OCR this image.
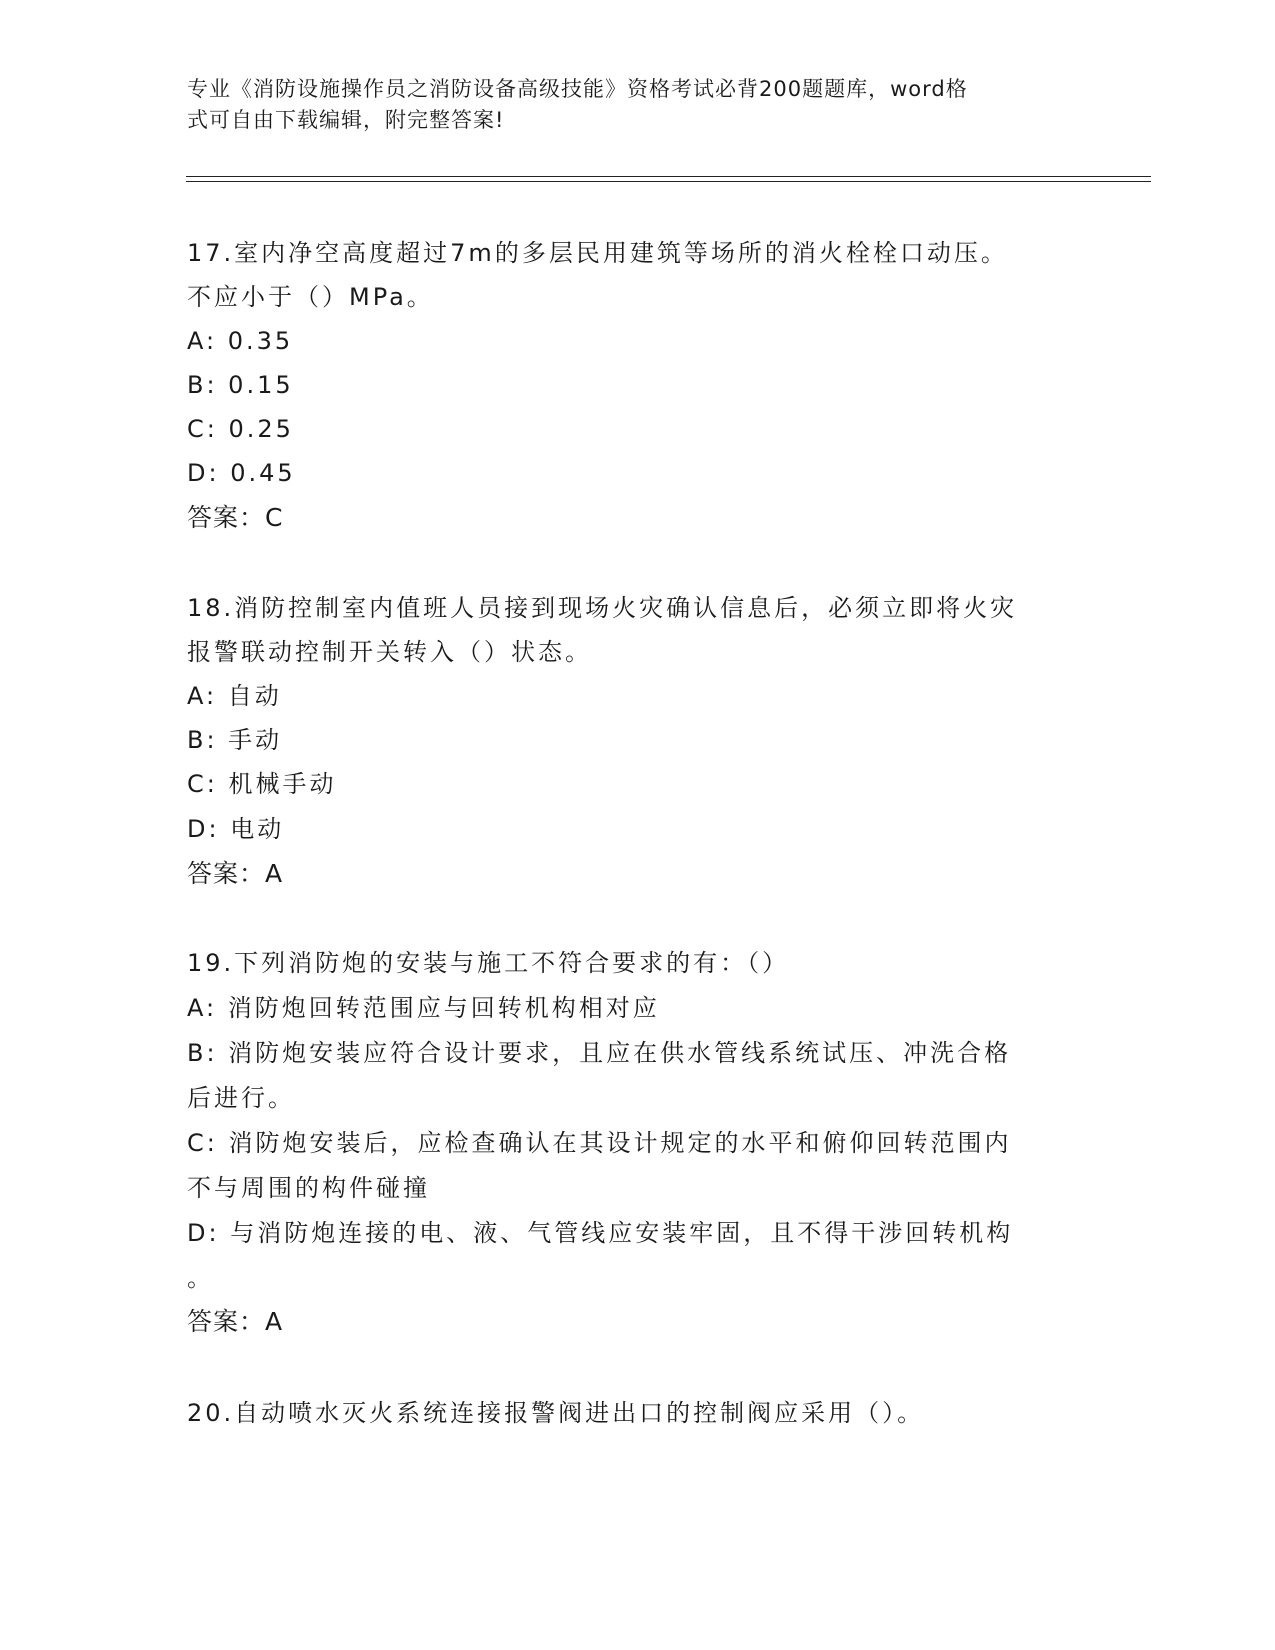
专业《消防设施操作员之消防设备高级技能》资格考试必背200题题库，word格
式可自由下载编辑，附完整答案!
17.室内净空高度超过7m的多层民用建筑等场所的消火栓栓口动压。
不应小于（）MPa。
A: 0.35
B: 0.15
C: 0.25
D: 0.45
答案：C
18.消防控制室内值班人员接到现场火灾确认信息后，必须立即将火灾
报警联动控制开关转入（）状态。
A: 自动
B: 手动
C: 机械手动
D: 电动
答案：A
19.下列消防炮的安装与施工不符合要求的有：（）
A: 消防炮回转范围应与回转机构相对应
B: 消防炮安装应符合设计要求，且应在供水管线系统试压、冲洗合格
后进行。
C: 消防炮安装后，应检查确认在其设计规定的水平和俯仰回转范围内
不与周围的构件碰撞
D: 与消防炮连接的电、液、气管线应安装牢固，且不得干涉回转机构
。
答案：A
20.自动喷水灭火系统连接报警阀进出口的控制阀应采用（）。
